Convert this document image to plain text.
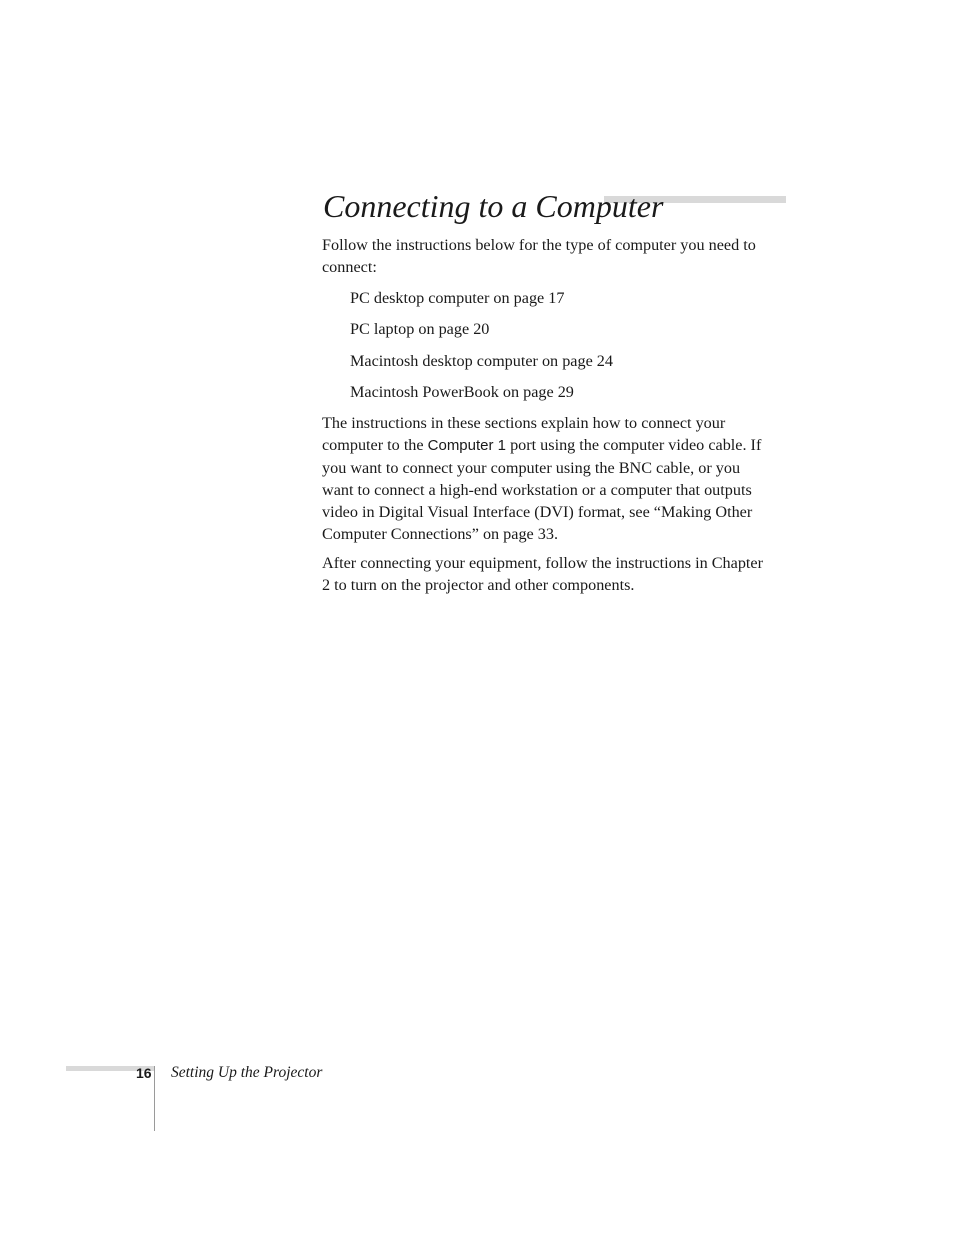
Connecting to a Computer

Follow the instructions below for the type of computer you need to connect:

PC desktop computer on page 17

PC laptop on page 20

Macintosh desktop computer on page 24

Macintosh PowerBook on page 29

The instructions in these sections explain how to connect your computer to the Computer 1 port using the computer video cable. If you want to connect your computer using the BNC cable, or you want to connect a high-end workstation or a computer that outputs video in Digital Visual Interface (DVI) format, see “Making Other Computer Connections” on page 33.

After connecting your equipment, follow the instructions in Chapter 2 to turn on the projector and other components.

16 Setting Up the Projector
